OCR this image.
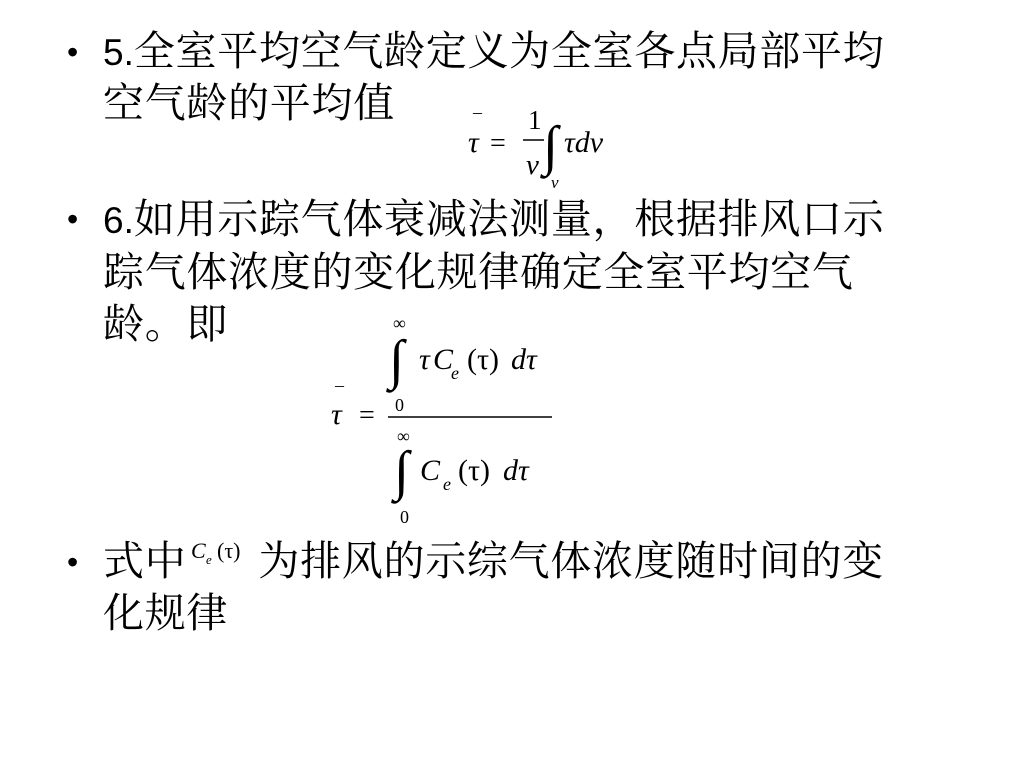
• 5.全室平均空气龄定义为全室各点局部平均
空气龄的平均值	–
τ =
1
v ∫ τdv
v
• 6.如用示踪气体衰减法测量，根据排风口示
踪气体浓度的变化规律确定全室平均空气
龄。即
–
τ =
∞
∫ τ C
e (τ) dτ
0
∞
∫ C e (τ) dτ
0
• 式中 为排风的示综气体浓度随时间的变
C e (τ)
化规律
